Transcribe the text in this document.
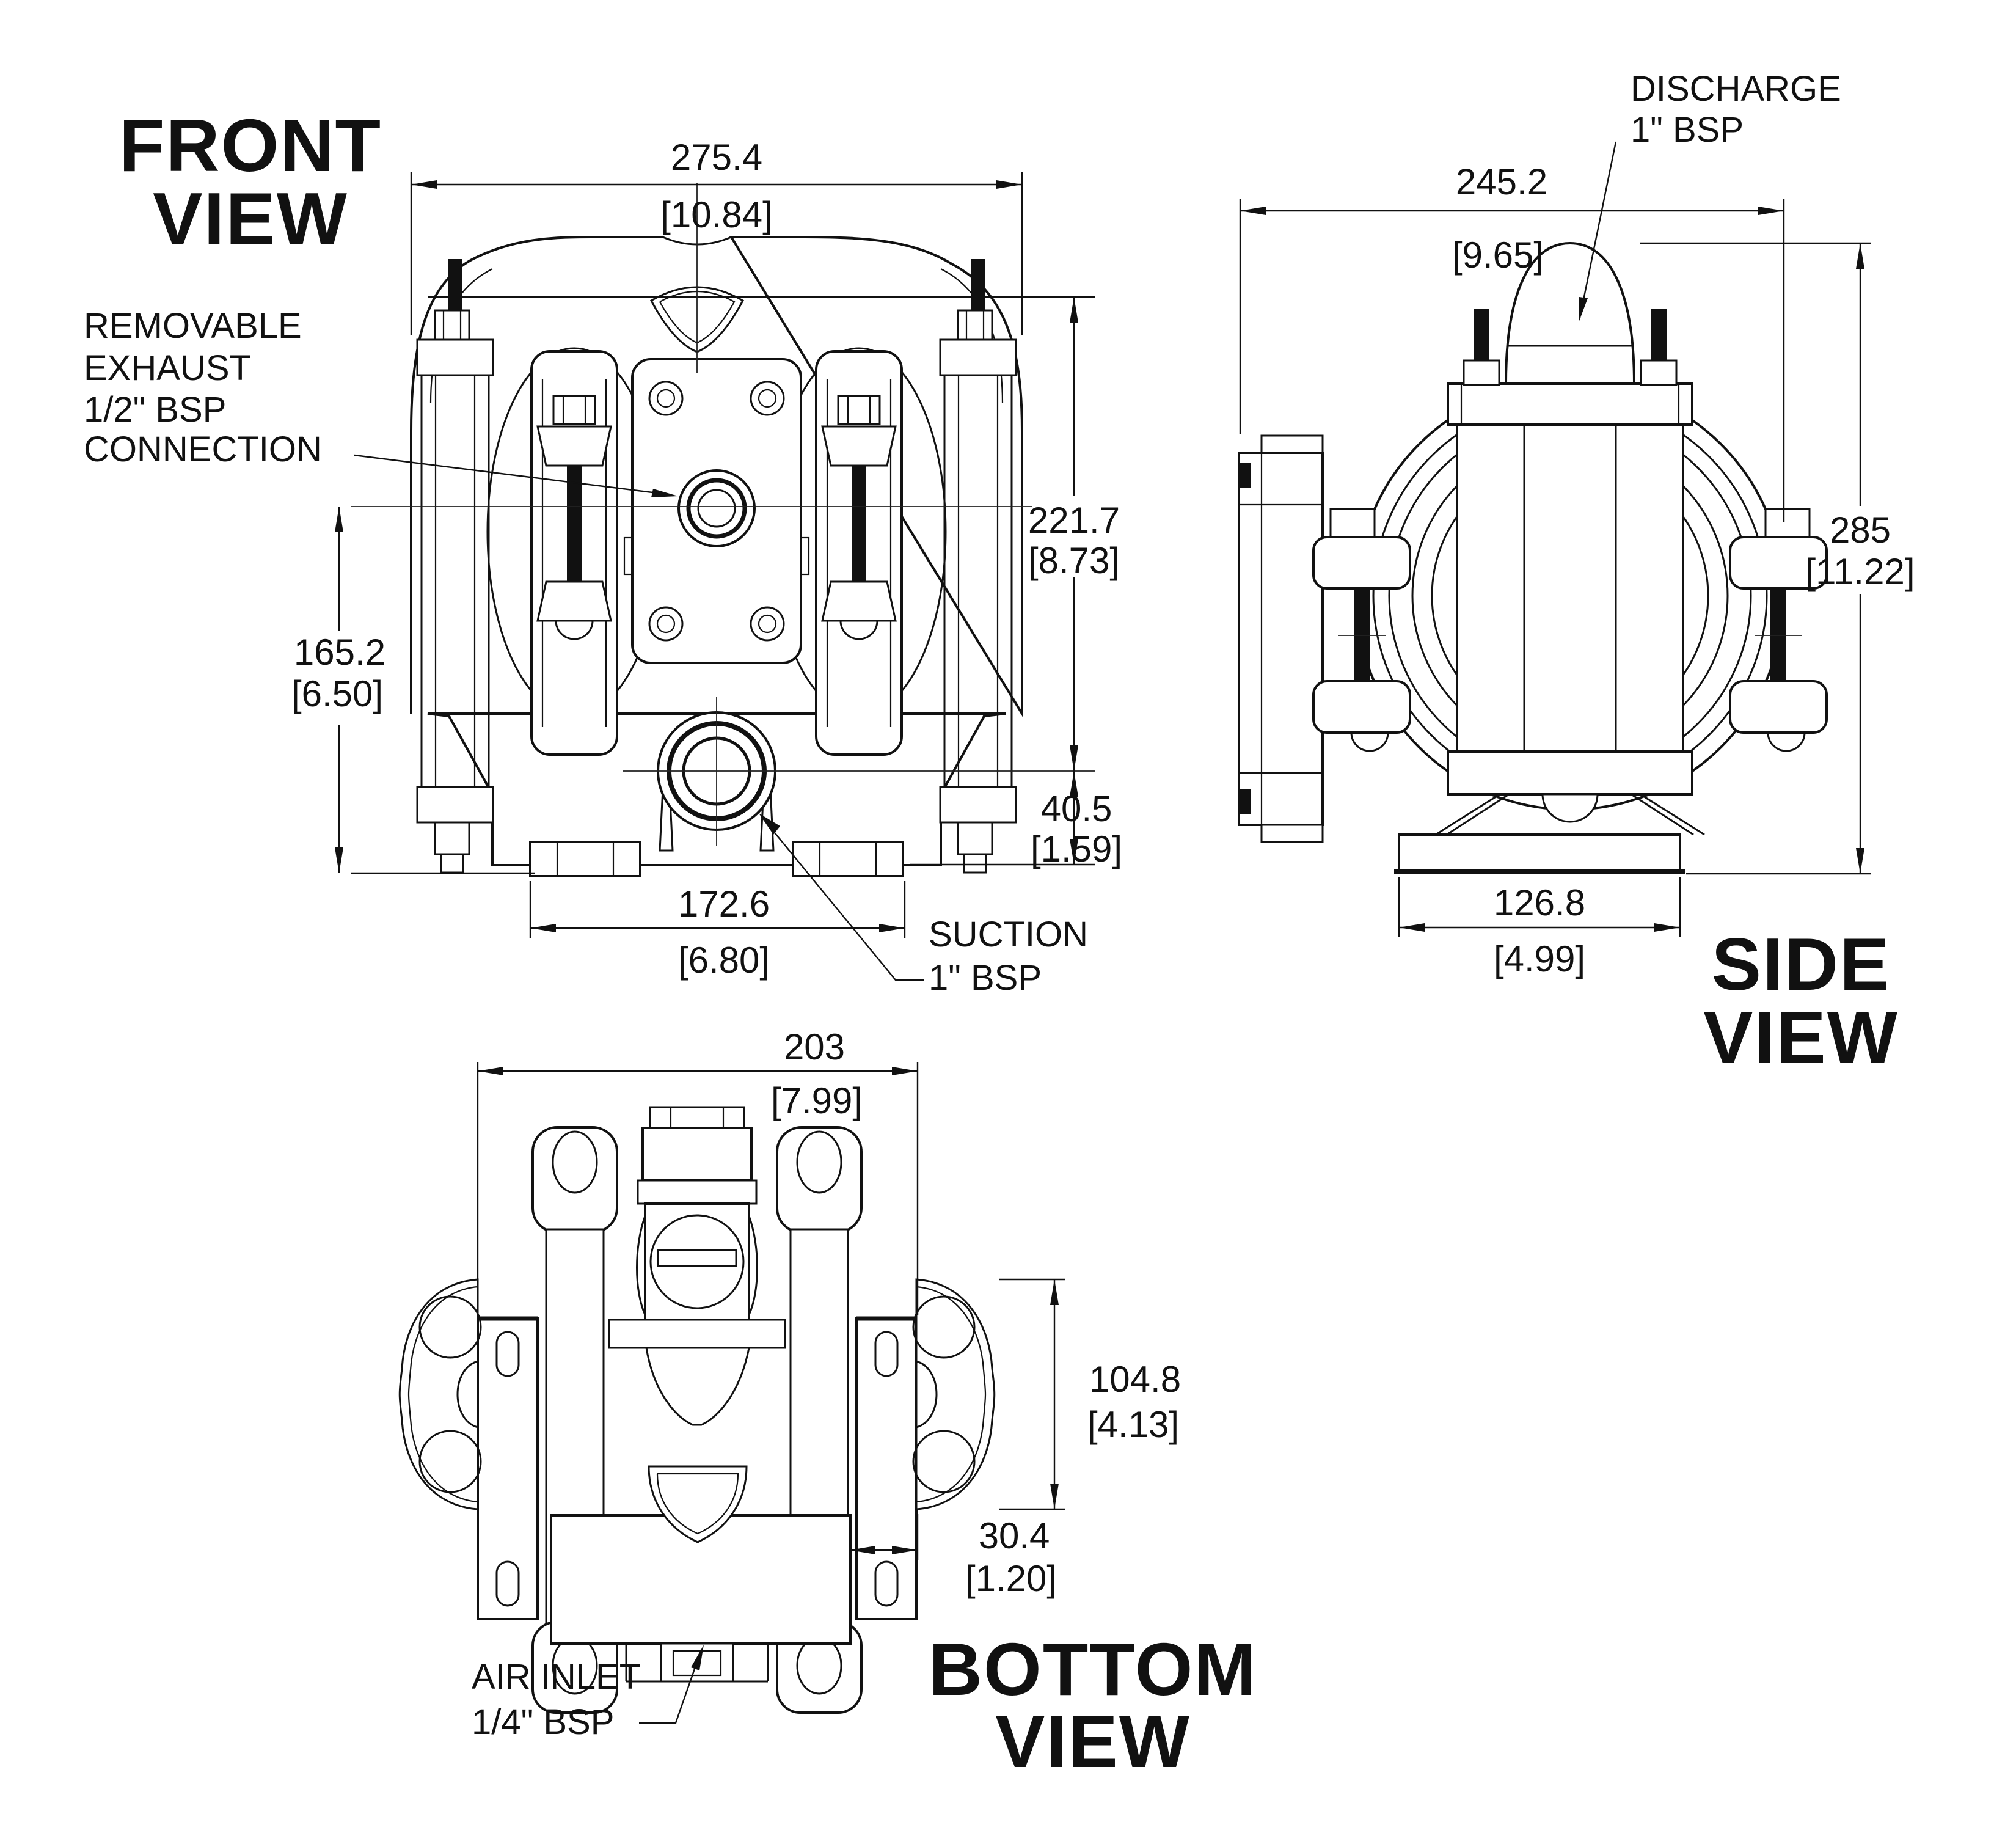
275.4
[10.84]
221.7
[8.73]
40.5
[1.59]
165.2
[6.50]
172.6
[6.80]
REMOVABLE
EXHAUST
1/2" BSP
CONNECTION
SUCTION
1" BSP
FRONT
VIEW	245.2
[9.65]
285
[11.22]
126.8
[4.99]
DISCHARGE
1" BSP
SIDE
VIEW
203
[7.99]
104.8
[4.13]
30.4
[1.20]
AIR INLET
1/4" BSP
BOTTOM
VIEW
